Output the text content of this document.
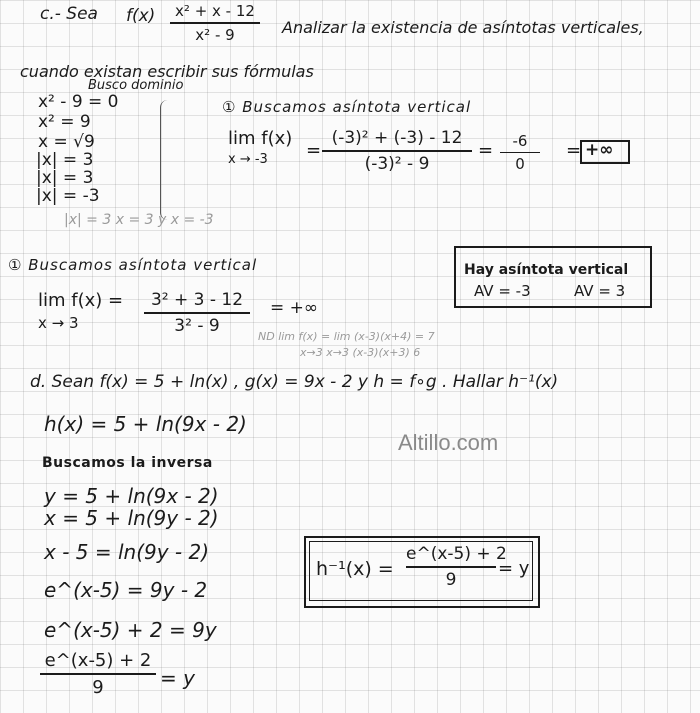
c.- Sea f(x)	x² + x - 12
x² - 9	Analizar la existencia de asíntotas verticales,
cuando existan escribir sus fórmulas
Busco dominio
x² - 9 = 0
x² = 9
x = √9
|x| = 3
|x| = 3
|x| = -3
|x| = 3 x = 3 y x = -3
① Buscamos asíntota vertical
lim f(x)
x → -3 =
(-3)² + (-3) - 12
(-3)² - 9
=	-6
0
= +∞
① Buscamos asíntota vertical
lim f(x) =
x → 3
3² + 3 - 12
3² - 9
= +∞
ND lim f(x) = lim (x-3)(x+4) = 7
x→3 x→3 (x-3)(x+3) 6
Hay asíntota vertical
AV = -3	AV = 3
d. Sean f(x) = 5 + ln(x) , g(x) = 9x - 2 y h = f∘g . Hallar h⁻¹(x)
h(x) = 5 + ln(9x - 2)
Altillo.com
Buscamos la inversa
y = 5 + ln(9x - 2)
x = 5 + ln(9y - 2)
x - 5 = ln(9y - 2)
e^(x-5) = 9y - 2
e^(x-5) + 2 = 9y
e^(x-5) + 2
9	= y
h⁻¹(x) =
e^(x-5) + 2
9
= y
